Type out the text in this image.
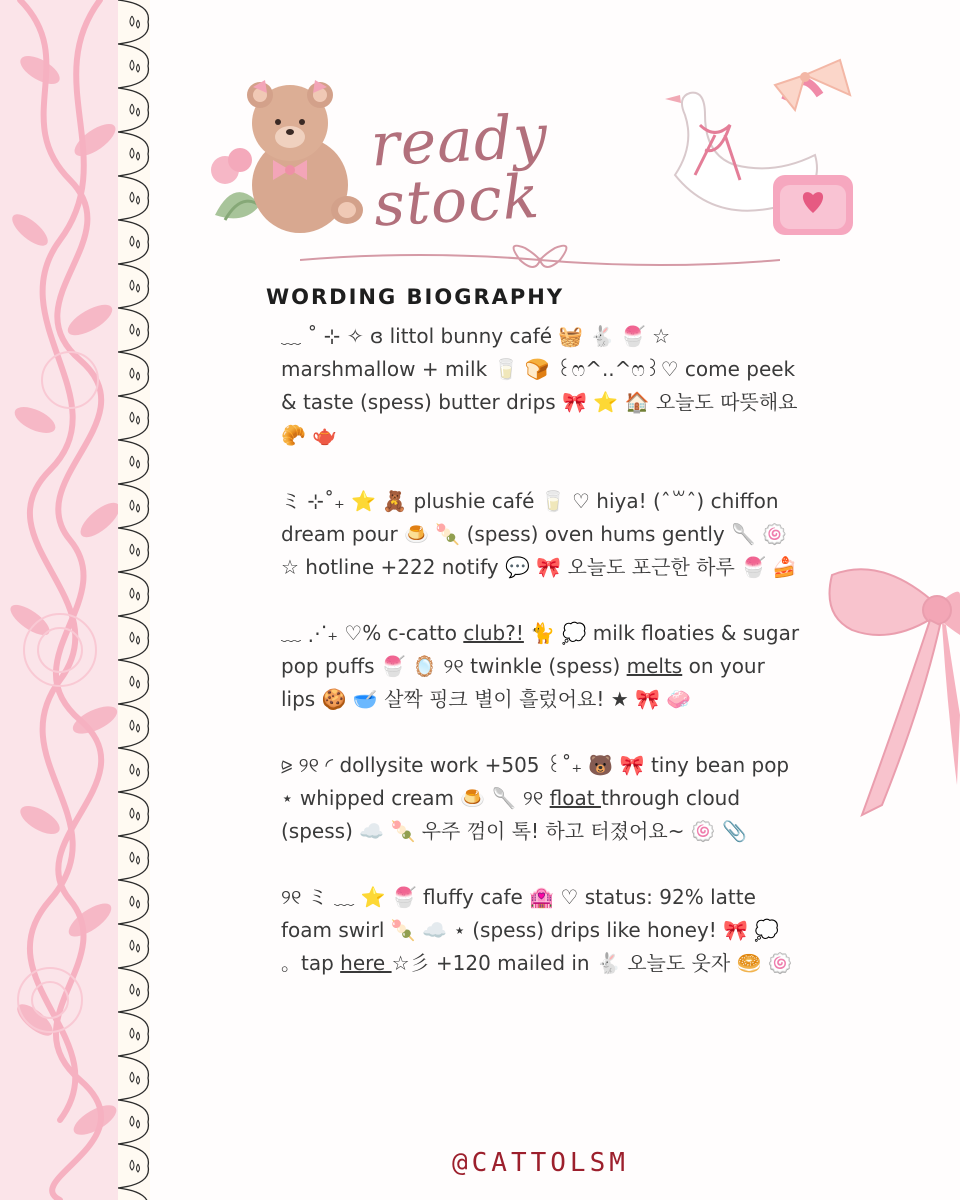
ready stock
WORDING BIOGRAPHY
﹏ ˚ ⊹ ✧ ɞ littol bunny café 🧺 🐇 🍧 ☆ marshmallow + milk 🥛 🍞 ꒰ෆ^..^ෆ꒱♡ come peek & taste (spess) butter drips 🎀 ⭐ 🏠 오늘도 따뜻해요 🥐 🫖
ミ ⊹˚₊ ⭐ 🧸 plushie café 🥛 ♡ hiya! (ˆ꒳ˆ) chiffon dream pour 🍮 🍡 (spess) oven hums gently 🥄 🍥 ☆ hotline +222 notify 💬 🎀 오늘도 포근한 하루 🍧 🍰
﹏ ⋰₊ ♡% c-catto club?! 🐈 💭 milk floaties & sugar pop puffs 🍧 🪞 ୨୧ twinkle (spess) melts on your lips 🍪 🥣 살짝 핑크 별이 흘렀어요! ★ 🎀 🧼
⪩ ୨୧ ◜ dollysite work +505 ꒰˚₊ 🐻 🎀 tiny bean pop ⋆ whipped cream 🍮 🥄 ୨୧ float through cloud (spess) ☁️ 🍡 우주 껌이 톡! 하고 터졌어요~ 🍥 📎
୨୧ ミ ﹏ ⭐ 🍧 fluffy cafe 🏩 ♡ status: 92% latte foam swirl 🍡 ☁️ ⋆ (spess) drips like honey! 🎀 💭 。tap here ☆彡 +120 mailed in 🐇 오늘도 웃자 🥯 🍥
@CATTOLSM
